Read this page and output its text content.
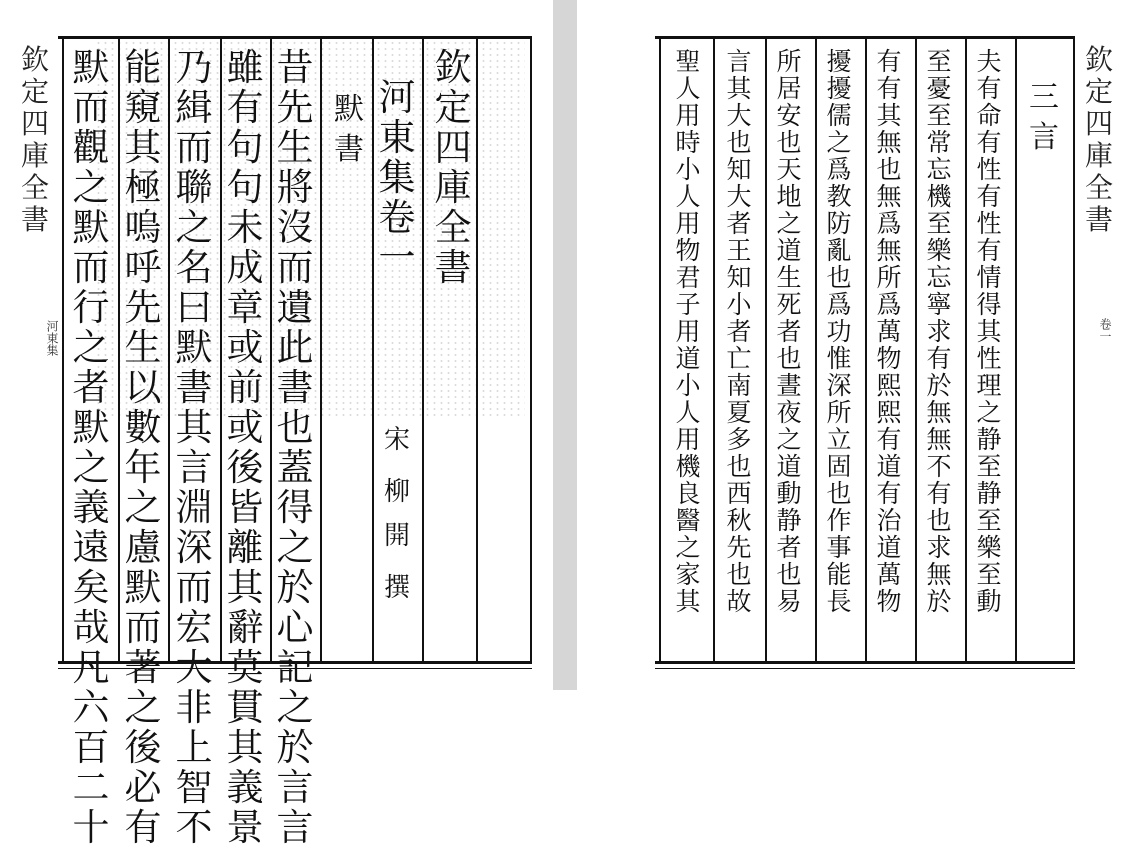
欽
定
四
庫
全
書
河東集
欽
定
四
庫
全
書
河
東
集
卷
一
默
書
宋
柳
開
撰
昔
先
生
將
沒
而
遺
此
書
也
蓋
得
之
於
心
記
之
於
言
言
雖
有
句
句
未
成
章
或
前
或
後
皆
離
其
辭
莫
貫
其
義
景
乃
緝
而
聯
之
名
曰
默
書
其
言
淵
深
而
宏
大
非
上
智
不
能
窺
其
極
嗚
呼
先
生
以
數
年
之
慮
默
而
著
之
後
必
有
默
而
觀
之
默
而
行
之
者
默
之
義
遠
矣
哉
凡
六
百
二
十
欽
定
四
庫
全
書
卷一
三
言
夫
有
命
有
性
有
性
有
情
得
其
性
理
之
静
至
静
至
樂
至
動
至
憂
至
常
忘
機
至
樂
忘
寧
求
有
於
無
無
不
有
也
求
無
於
有
有
其
無
也
無
爲
無
所
爲
萬
物
熙
熙
有
道
有
治
道
萬
物
擾
擾
儒
之
爲
教
防
亂
也
爲
功
惟
深
所
立
固
也
作
事
能
長
所
居
安
也
天
地
之
道
生
死
者
也
晝
夜
之
道
動
静
者
也
易
言
其
大
也
知
大
者
王
知
小
者
亡
南
夏
多
也
西
秋
先
也
故
聖
人
用
時
小
人
用
物
君
子
用
道
小
人
用
機
良
醫
之
家
其
